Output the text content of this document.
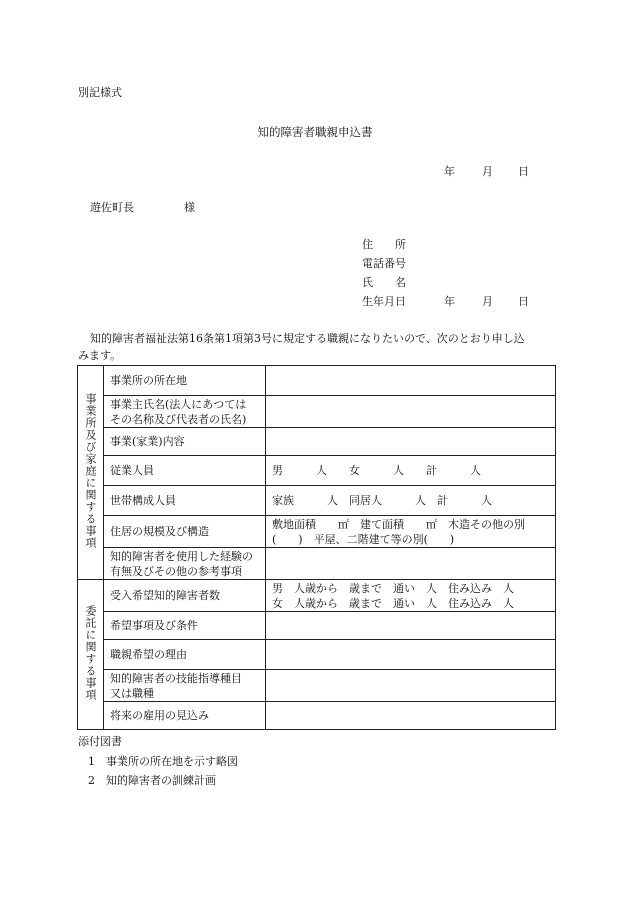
別記様式
知的障害者職親申込書
年 月 日
遊佐町長	様
住　　所
電話番号
氏　　名
生年月日	年 月 日
知的障害者福祉法第16条第1項第3号に規定する職親になりたいので、次のとおり申し込
みます。
事業所及び家庭に関する事項	事業所の所在地	

	事業主氏名(法人にあつては
その名称及び代表者の氏名)	

	事業(家業)内容	
	従業人員	男　　　人　　女　　　人　　計　　　人
	世帯構成人員	家族　　　人　同居人　　　人　計　　　人
	住居の規模及び構造	敷地面積　　㎡　建て面積　　㎡　木造その他の別
(　　)　平屋、二階建て等の別(　　)

	知的障害者を使用した経験の
有無及びその他の参考事項	

委託に関する事項	受入希望知的障害者数	男　人歳から　歳まで　通い　人　住み込み　人
女　人歳から　歳まで　通い　人　住み込み　人

	希望事項及び条件	
	職親希望の理由	

	知的障害者の技能指導種目
又は職種	

	将来の雇用の見込み	
添付図書
1　 事業所の所在地を示す略図
2　 知的障害者の訓練計画
